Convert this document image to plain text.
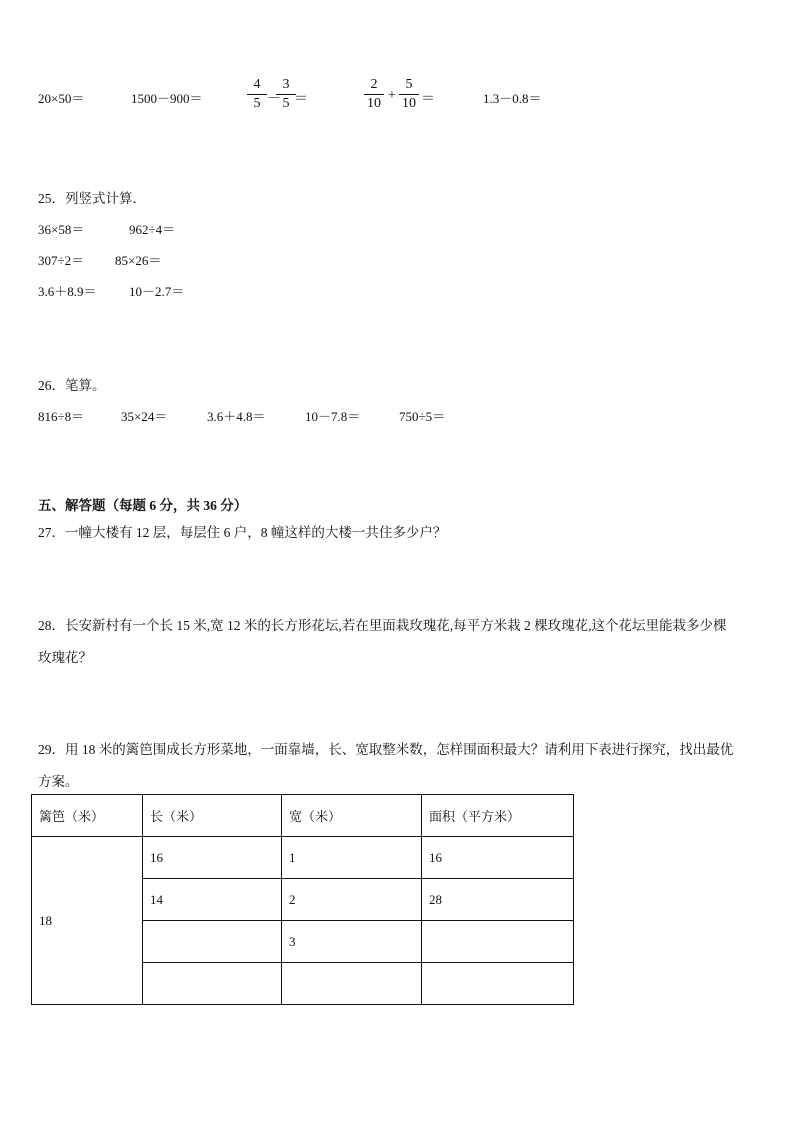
20×50＝	1500－900＝
4
5 －
3
5 ＝
2
10
+
5
10 ＝	1.3－0.8＝
25．列竖式计算．
36×58＝	962÷4＝
307÷2＝ 85×26＝
3.6＋8.9＝ 10－2.7＝
26．笔算。
816÷8＝	35×24＝	3.6＋4.8＝	10－7.8＝	750÷5＝
五、解答题（每题 6 分，共 36 分）
27．一幢大楼有 12 层，每层住 6 户，8 幢这样的大楼一共住多少户？
28．长安新村有一个长 15 米,宽 12 米的长方形花坛,若在里面栽玫瑰花,每平方米栽 2 棵玫瑰花,这个花坛里能栽多少棵
玫瑰花？
29．用 18 米的篱笆围成长方形菜地，一面靠墙，长、宽取整米数，怎样围面积最大？请利用下表进行探究，找出最优
方案。
篱笆（米）	长（米）	宽（米）	面积（平方米）
18	16	1	16
	14	2	28
		3	
